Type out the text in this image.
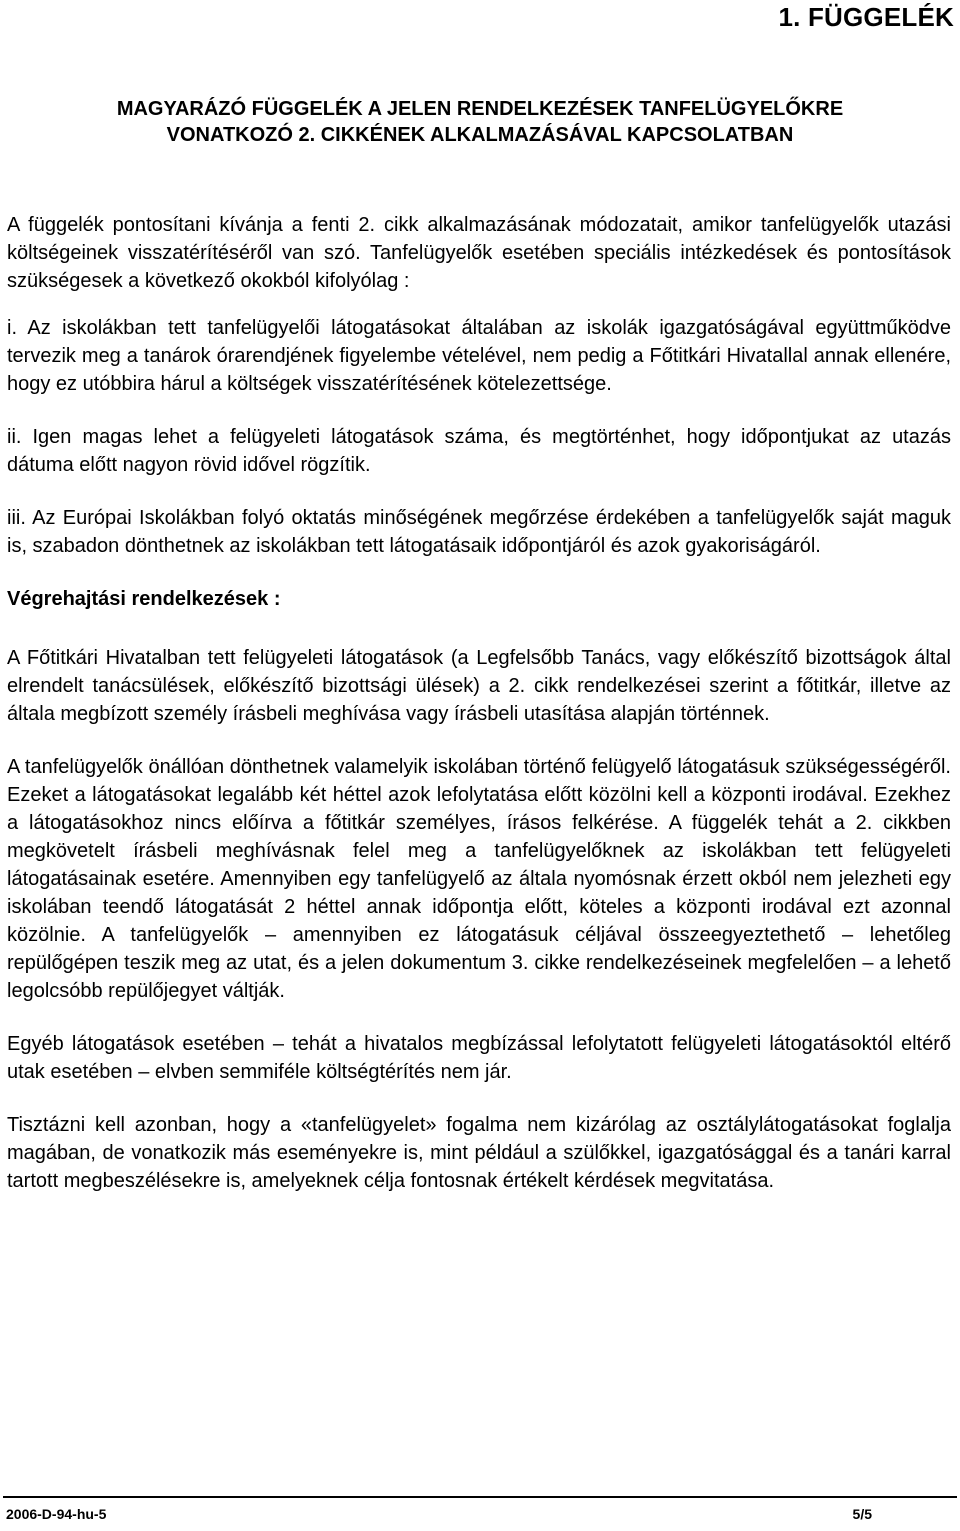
1. FÜGGELÉK
MAGYARÁZÓ FÜGGELÉK A JELEN RENDELKEZÉSEK TANFELÜGYELŐKRE
VONATKOZÓ 2. CIKKÉNEK ALKALMAZÁSÁVAL KAPCSOLATBAN

A függelék pontosítani kívánja a fenti 2. cikk alkalmazásának módozatait, amikor tanfelügyelők utazási költségeinek visszatérítéséről van szó. Tanfelügyelők esetében speciális intézkedések és pontosítások szükségesek a következő okokból kifolyólag :

i. Az iskolákban tett tanfelügyelői látogatásokat általában az iskolák igazgatóságával együttműködve tervezik meg a tanárok órarendjének figyelembe vételével, nem pedig a Főtitkári Hivatallal annak ellenére, hogy ez utóbbira hárul a költségek visszatérítésének kötelezettsége.

ii. Igen magas lehet a felügyeleti látogatások száma, és megtörténhet, hogy időpontjukat az utazás dátuma előtt nagyon rövid idővel rögzítik.

iii. Az Európai Iskolákban folyó oktatás minőségének megőrzése érdekében a tanfelügyelők saját maguk is, szabadon dönthetnek az iskolákban tett látogatásaik időpontjáról és azok gyakoriságáról.

Végrehajtási rendelkezések :

A Főtitkári Hivatalban tett felügyeleti látogatások (a Legfelsőbb Tanács, vagy előkészítő bizottságok által elrendelt tanácsülések, előkészítő bizottsági ülések) a 2. cikk rendelkezései szerint a főtitkár, illetve az általa megbízott személy írásbeli meghívása vagy írásbeli utasítása alapján történnek.

A tanfelügyelők önállóan dönthetnek valamelyik iskolában történő felügyelő látogatásuk szükségességéről. Ezeket a látogatásokat legalább két héttel azok lefolytatása előtt közölni kell a központi irodával. Ezekhez a látogatásokhoz nincs előírva a főtitkár személyes, írásos felkérése. A függelék tehát a 2. cikkben megkövetelt írásbeli meghívásnak felel meg a tanfelügyelőknek az iskolákban tett felügyeleti látogatásainak esetére. Amennyiben egy tanfelügyelő az általa nyomósnak érzett okból nem jelezheti egy iskolában teendő látogatását 2 héttel annak időpontja előtt, köteles a központi irodával ezt azonnal közölnie. A tanfelügyelők – amennyiben ez látogatásuk céljával összeegyeztethető – lehetőleg repülőgépen teszik meg az utat, és a jelen dokumentum 3. cikke rendelkezéseinek megfelelően – a lehető legolcsóbb repülőjegyet váltják.

Egyéb látogatások esetében – tehát a hivatalos megbízással lefolytatott felügyeleti látogatásoktól eltérő utak esetében – elvben semmiféle költségtérítés nem jár.

Tisztázni kell azonban, hogy a «tanfelügyelet» fogalma nem kizárólag az osztálylátogatásokat foglalja magában, de vonatkozik más eseményekre is, mint például a szülőkkel, igazgatósággal és a tanári karral tartott megbeszélésekre is, amelyeknek célja fontosnak értékelt kérdések megvitatása.

2006-D-94-hu-5	5/5
